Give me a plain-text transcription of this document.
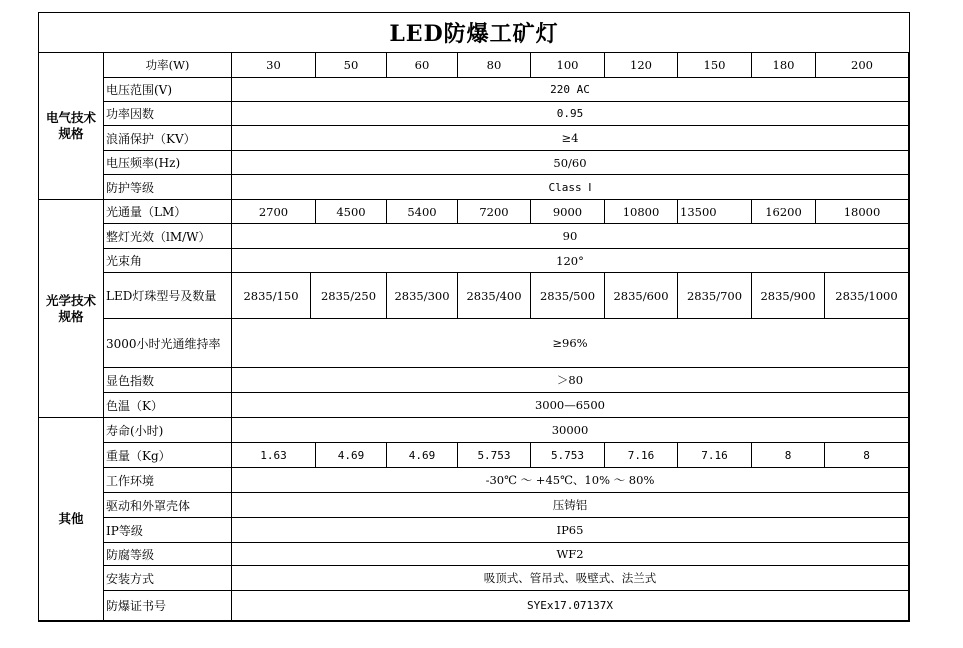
LED防爆工矿灯
电气技术规格
光学技术规格
其他
功率(W)	30	50	60	80	100	120	150	180	200
电压范围(V)	220 AC
功率因数	0.95
浪涌保护（KV）	≥4
电压频率(Hz)	50/60
防护等级	Class Ⅰ
光通量（LM）	2700	4500	5400	7200	9000	10800	13500	16200	18000
整灯光效（lM/W）	90
光束角	120°
LED灯珠型号及数量	2835/150	2835/250	2835/300	2835/400	2835/500	2835/600	2835/700	2835/900	2835/1000
3000小时光通维持率	≥96%
显色指数	＞80
色温（K）	3000—6500
寿命(小时)	30000
重量（Kg）	1.63	4.69	4.69	5.753	5.753	7.16	7.16	8	8
工作环境	-30℃ ～ +45℃、10% ～ 80%
驱动和外罩壳体	压铸铝
IP等级	IP65
防腐等级	WF2
安装方式	吸顶式、管吊式、吸壁式、法兰式
防爆证书号	SYEx17.07137X
